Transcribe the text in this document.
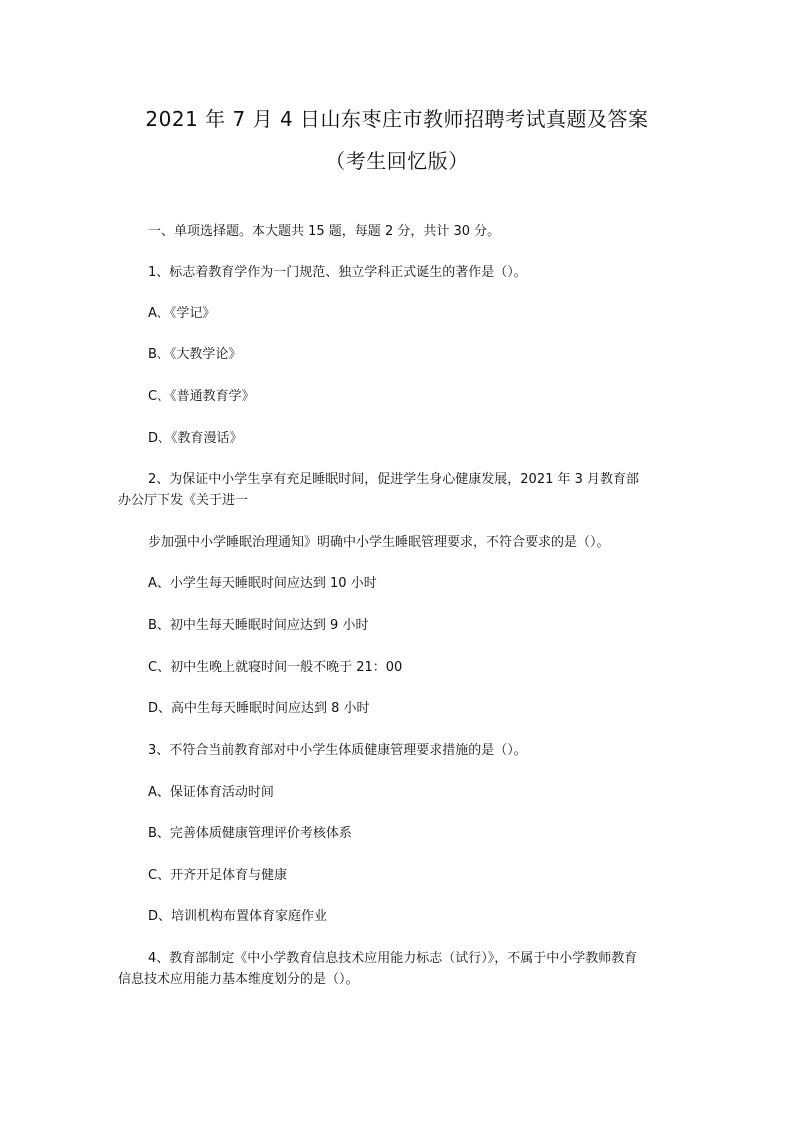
2021 年 7 月 4 日山东枣庄市教师招聘考试真题及答案
（考生回忆版）
一、单项选择题。本大题共 15 题，每题 2 分，共计 30 分。
1、标志着教育学作为一门规范、独立学科正式诞生的著作是（）。
A､《学记》
B､《大教学论》
C､《普通教育学》
D､《教育漫话》
2、为保证中小学生享有充足睡眠时间，促进学生身心健康发展，2021 年 3 月教育部
办公厅下发《关于进一
步加强中小学睡眠治理通知》明确中小学生睡眠管理要求，不符合要求的是（）。
A、小学生每天睡眠时间应达到 10 小时
B、初中生每天睡眠时间应达到 9 小时
C、初中生晚上就寝时间一般不晚于 21：00
D、高中生每天睡眠时间应达到 8 小时
3、不符合当前教育部对中小学生体质健康管理要求措施的是（）。
A、保证体育活动时间
B、完善体质健康管理评价考核体系
C、开齐开足体育与健康
D、培训机构布置体育家庭作业
4、教育部制定《中小学教育信息技术应用能力标志（试行）》，不属于中小学教师教育
信息技术应用能力基本维度划分的是（）。
